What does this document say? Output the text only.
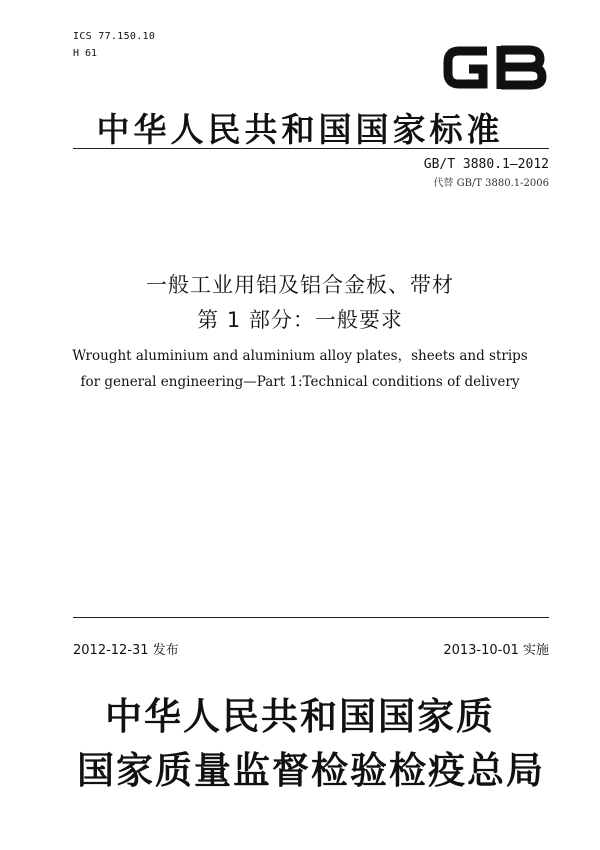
ICS 77.150.10
H 61
中华人民共和国国家标准
GB/T 3880.1—2012
代替 GB/T 3880.1-2006
一般工业用铝及铝合金板、带材
第 1 部分：一般要求
Wrought aluminium and aluminium alloy plates，sheets and strips
for general engineering—Part 1:Technical conditions of delivery
2012-12-31 发布	2013-10-01 实施
中华人民共和国国家质
国家质量监督检验检疫总局
